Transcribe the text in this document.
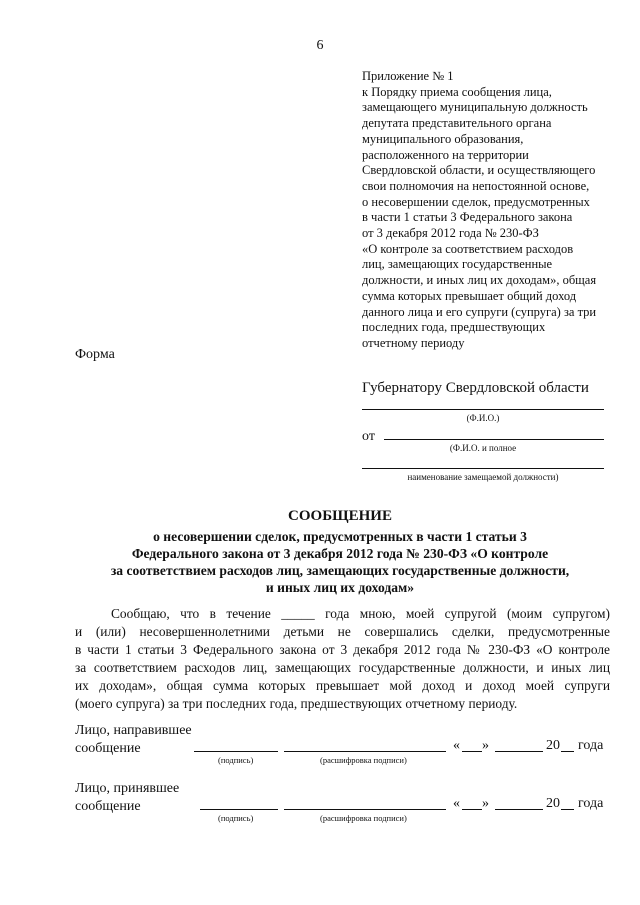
6
Приложение № 1
к Порядку приема сообщения лица,
замещающего муниципальную должность
депутата представительного органа
муниципального образования,
расположенного на территории
Свердловской области, и осуществляющего
свои полномочия на непостоянной основе,
о несовершении сделок, предусмотренных
в части 1 статьи 3 Федерального закона
от 3 декабря 2012 года № 230-ФЗ
«О контроле за соответствием расходов
лиц, замещающих государственные
должности, и иных лиц их доходам», общая
сумма которых превышает общий доход
данного лица и его супруги (супруга) за три
последних года, предшествующих
отчетному периоду
Форма
Губернатору Свердловской области
(Ф.И.О.)
от
(Ф.И.О. и полное
наименование замещаемой должности)
СООБЩЕНИЕ
о несовершении сделок, предусмотренных в части 1 статьи 3
Федерального закона от 3 декабря 2012 года № 230-ФЗ «О контроле
за соответствием расходов лиц, замещающих государственные должности,
и иных лиц их доходам»
Сообщаю, что в течение _____ года мною, моей супругой (моим супругом)
и (или) несовершеннолетними детьми не совершались сделки, предусмотренные
в части 1 статьи 3 Федерального закона от 3 декабря 2012 года № 230-ФЗ «О контроле
за соответствием расходов лиц, замещающих государственные должности, и иных лиц
их доходам», общая сумма которых превышает мой доход и доход моей супруги
(моего супруга) за три последних года, предшествующих отчетному периоду.
Лицо, направившее
сообщение	« »	20 года
(подпись)	(расшифровка подписи)
Лицо, принявшее
сообщение	« »	20 года
(подпись)	(расшифровка подписи)
